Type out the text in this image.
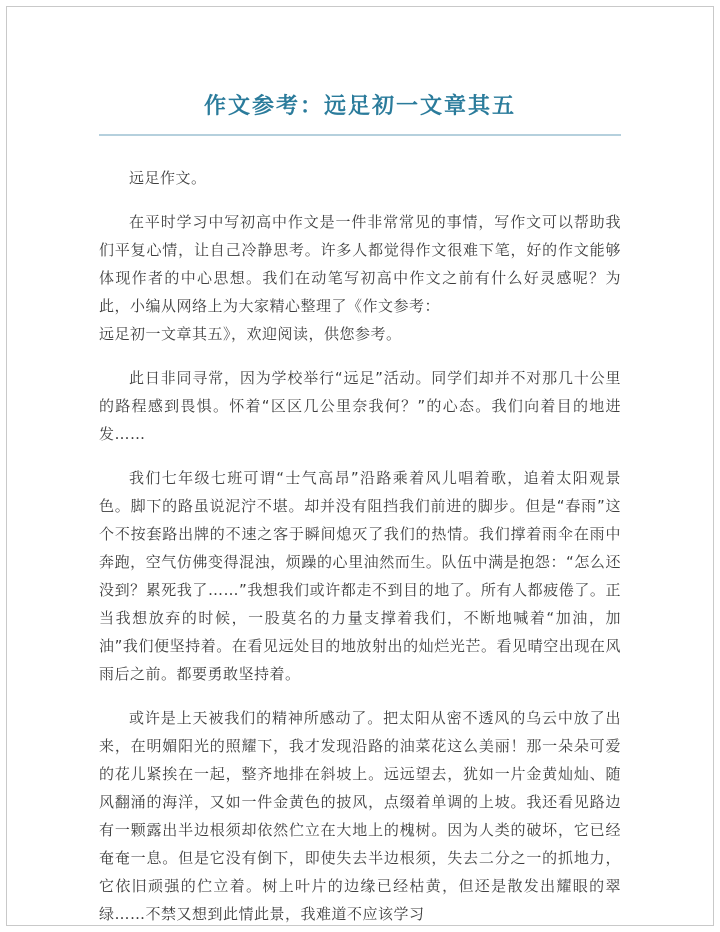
作文参考：远足初一文章其五

远足作文。

在平时学习中写初高中作文是一件非常常见的事情，写作文可以帮助我们平复心情，让自己冷静思考。许多人都觉得作文很难下笔，好的作文能够体现作者的中心思想。我们在动笔写初高中作文之前有什么好灵感呢？为此，小编从网络上为大家精心整理了《作文参考：

远足初一文章其五》，欢迎阅读，供您参考。

此日非同寻常，因为学校举行“远足”活动。同学们却并不对那几十公里的路程感到畏惧。怀着“区区几公里奈我何？”的心态。我们向着目的地进发……

我们七年级七班可谓“士气高昂”沿路乘着风儿唱着歌，追着太阳观景色。脚下的路虽说泥泞不堪。却并没有阻挡我们前进的脚步。但是“春雨”这个不按套路出牌的不速之客于瞬间熄灭了我们的热情。我们撑着雨伞在雨中奔跑，空气仿佛变得混浊，烦躁的心里油然而生。队伍中满是抱怨：“怎么还没到？累死我了……”我想我们或许都走不到目的地了。所有人都疲倦了。正当我想放弃的时候，一股莫名的力量支撑着我们，不断地喊着“加油，加油”我们便坚持着。在看见远处目的地放射出的灿烂光芒。看见晴空出现在风雨后之前。都要勇敢坚持着。

或许是上天被我们的精神所感动了。把太阳从密不透风的乌云中放了出来，在明媚阳光的照耀下，我才发现沿路的油菜花这么美丽！那一朵朵可爱的花儿紧挨在一起，整齐地排在斜坡上。远远望去，犹如一片金黄灿灿、随风翻涌的海洋，又如一件金黄色的披风，点缀着单调的上坡。我还看见路边有一颗露出半边根须却依然伫立在大地上的槐树。因为人类的破坏，它已经奄奄一息。但是它没有倒下，即使失去半边根须，失去二分之一的抓地力，它依旧顽强的伫立着。树上叶片的边缘已经枯黄，但还是散发出耀眼的翠绿……不禁又想到此情此景，我难道不应该学习
